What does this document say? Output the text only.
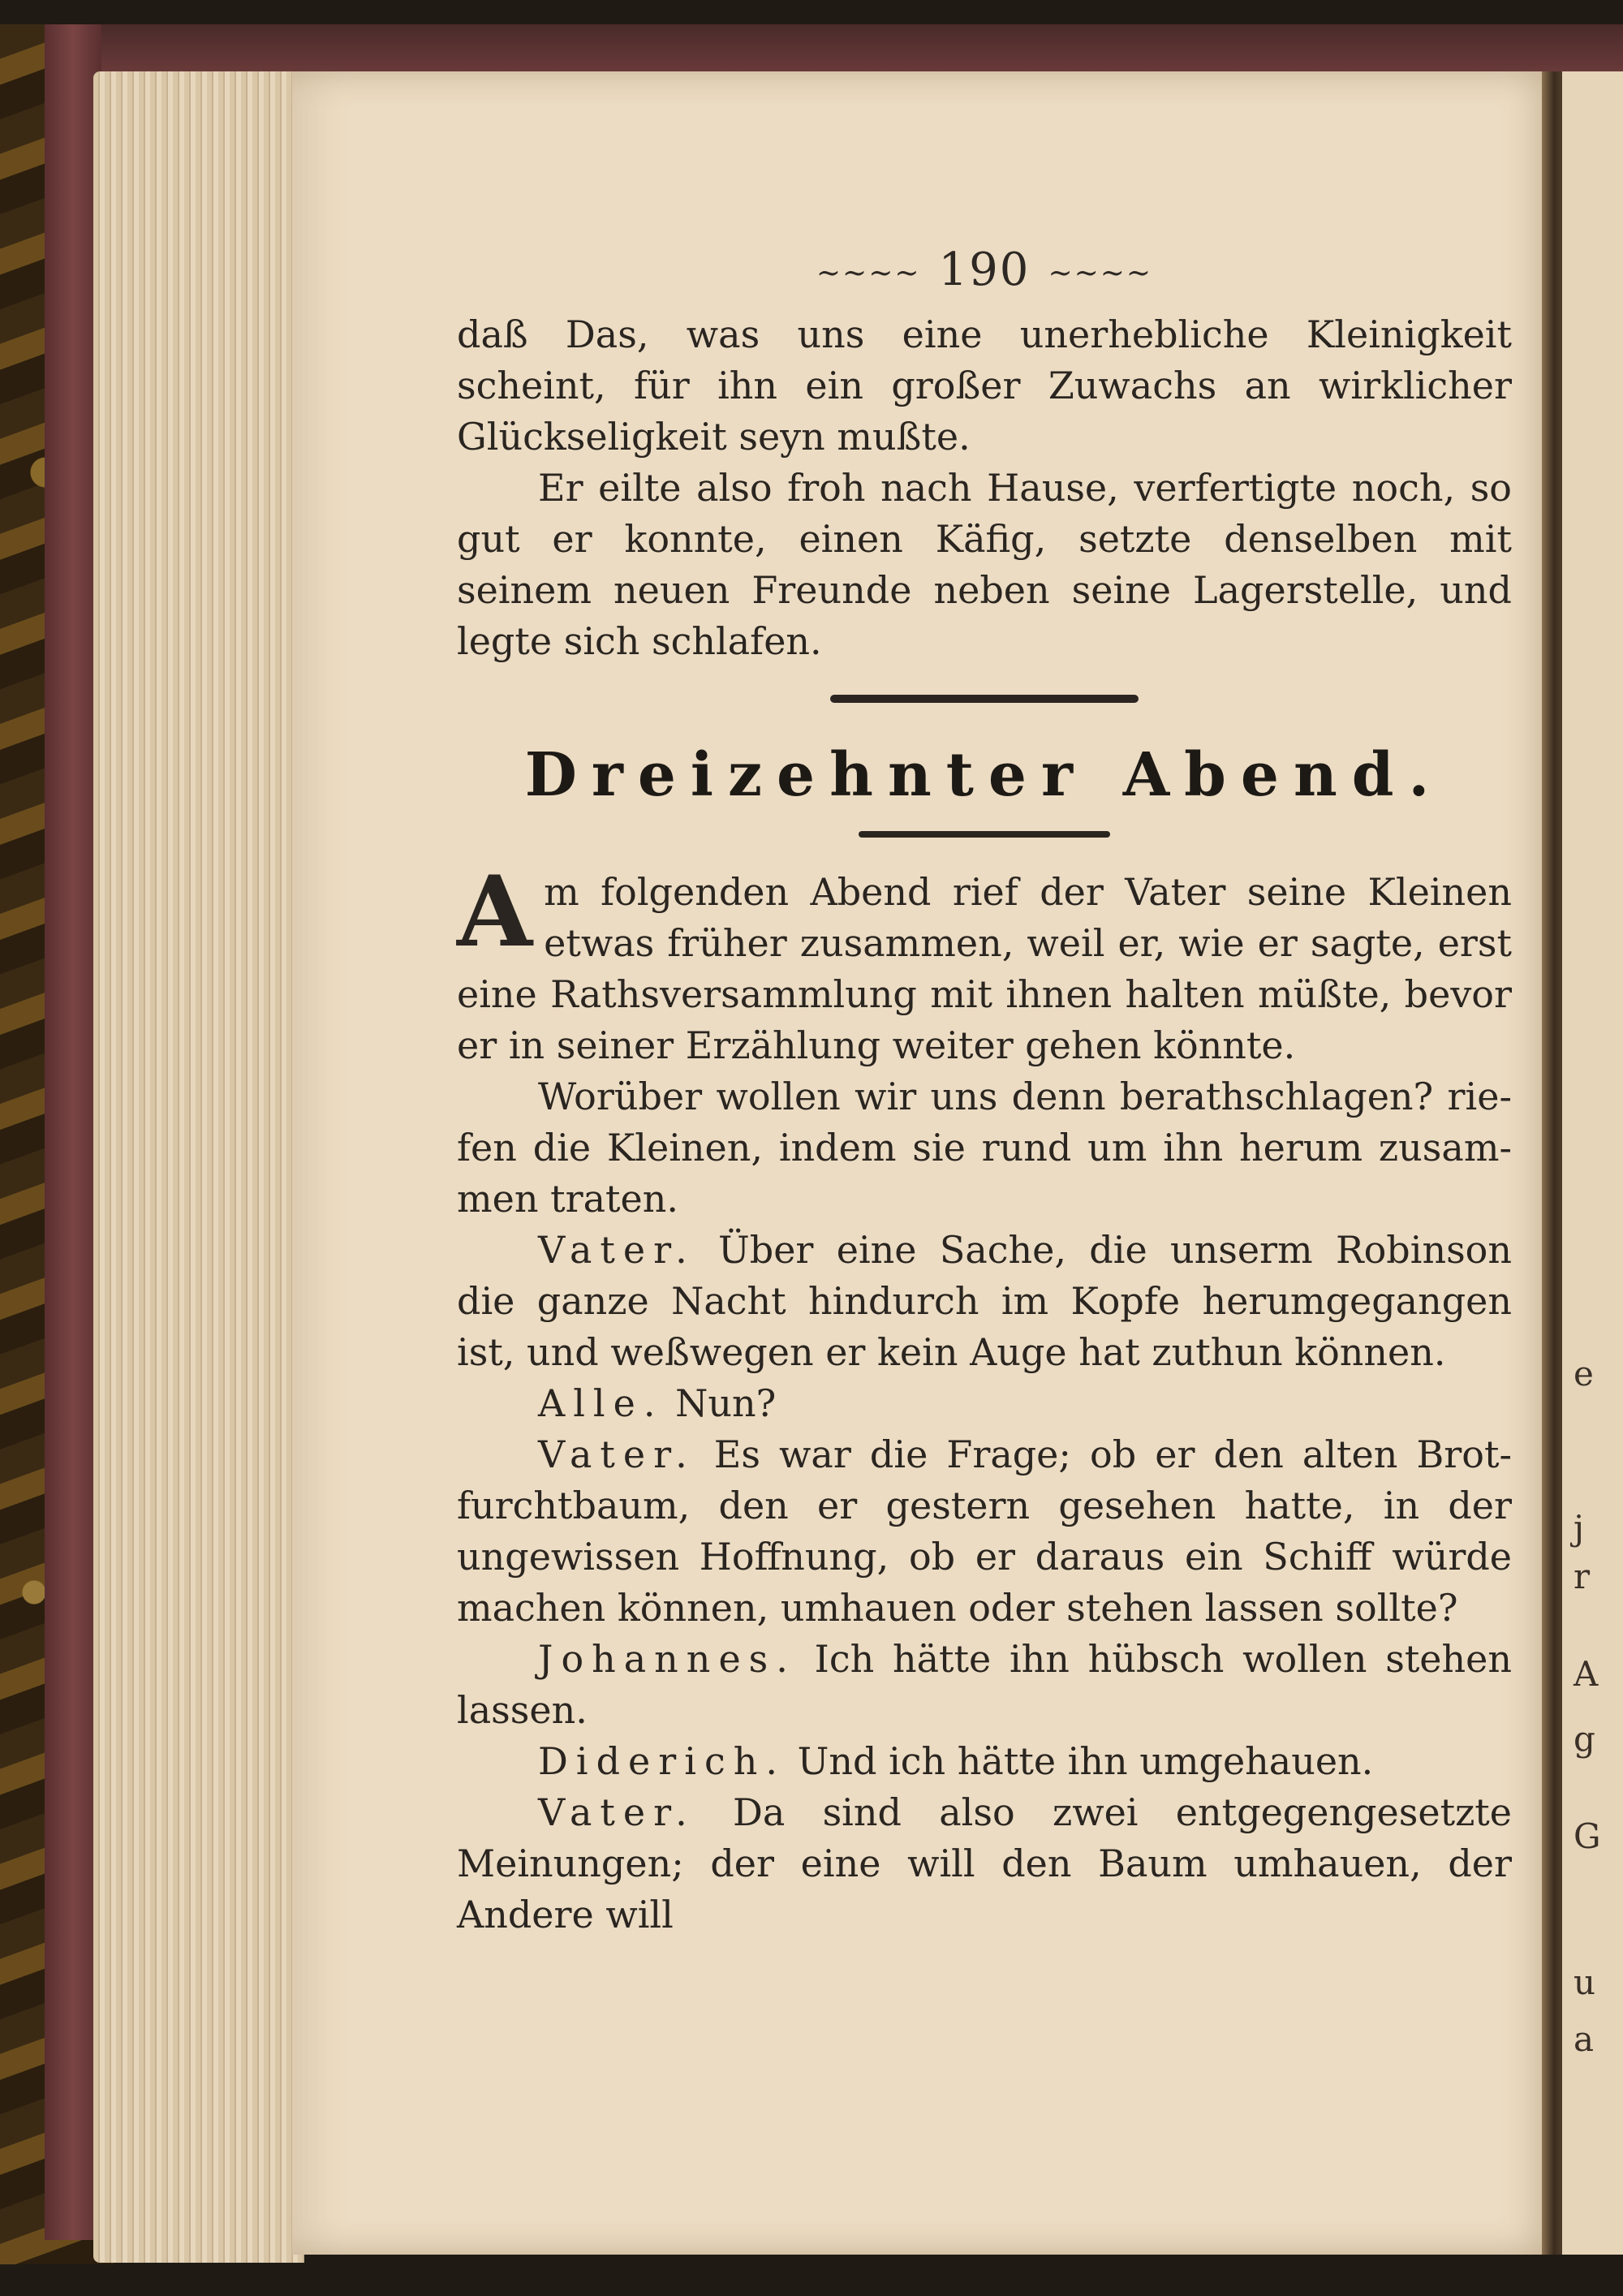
e
j
r
A
g
G
u
a
~~~~ 190 ~~~~

daß Das, was uns eine unerhebliche Kleinigkeit scheint, für ihn ein großer Zuwachs an wirklicher Glückseligkeit seyn mußte.

Er eilte also froh nach Hause, verfertigte noch, so gut er konnte, einen Käfig, setzte denselben mit seinem neuen Freunde neben seine Lagerstelle, und legte sich schlafen.

Dreizehnter Abend.

Am folgenden Abend rief der Vater seine Kleinen etwas früher zusammen, weil er, wie er sagte, erst eine Rathsversammlung mit ihnen halten müßte, bevor er in seiner Erzählung weiter gehen könnte.

Worüber wollen wir uns denn berathschlagen? riefen die Kleinen, indem sie rund um ihn herum zusammen traten.

Vater. Über eine Sache, die unserm Robinson die ganze Nacht hindurch im Kopfe herumgegangen ist, und weßwegen er kein Auge hat zuthun können.

Alle. Nun?

Vater. Es war die Frage; ob er den alten Brotfurchtbaum, den er gestern gesehen hatte, in der ungewissen Hoffnung, ob er daraus ein Schiff würde machen können, umhauen oder stehen lassen sollte?

Johannes. Ich hätte ihn hübsch wollen stehen lassen.

Diderich. Und ich hätte ihn umgehauen.

Vater. Da sind also zwei entgegengesetzte Meinungen; der eine will den Baum umhauen, der Andere will
